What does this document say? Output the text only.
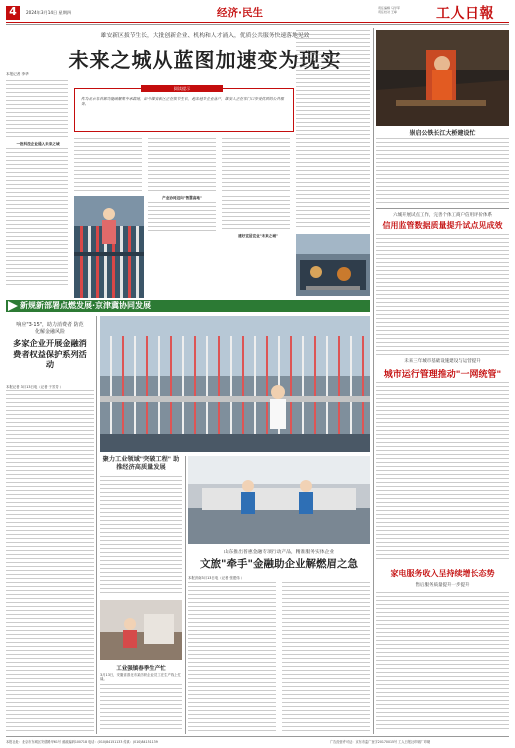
4	2024年3月14日 星期四	经济·民生	责任编辑 马学军
责任校对 王峥	工人日報
雄安新区拔节生长，大批创新企业、机构和人才涌入，优质公共服务快速落地见效
未来之城从蓝图加速变为现实
本报记者 李华
一批科技企业涌入未来之城
阅读提示
作为北京非首都功能疏解集中承载地，如今雄安新区正在拔节生长，越来越多企业落户，雄安人正在家门口享受优质的公共服务。
产业协同迈向"智慧高地"
建好宜居宜业"未来之城"
崇启公铁长江大桥建设忙
六城开展试点工作，完善个体工商户信用评价体系
信用监管数据质量提升试点见成效
未来三年城市基础设施建设与运营提升
城市运行管理推动"一网统管"
家电服务收入呈持续增长态势
售后服务质量提升一步提升
新规新部署点燃发展·京津冀协同发展
响应"3·15"，助力消费者 防范化解金融风险
多家企业开展金融消费者权益保护系列活动
本报记者 3月13日电（记者 于芳芳 ）
聚力工业领域"突破工程" 助推经济高质量发展
山东推出普惠金融专项行动产品，精准服务实体企业
文旅"牵手"金融助企业解燃眉之急
本报济南3月13日电（记者 张建伟 ）
工业强镇春季生产忙
3月13日，安徽省淮北市某纺织企业员工在生产线上忙碌。
本报社址：北京市东城区安德路甲61号 邮政编码100718 电话：(010)84151133 传真：(010)84151139	广告经营许可证：京东市监广登字20170015号 工人日报社印刷厂印刷
